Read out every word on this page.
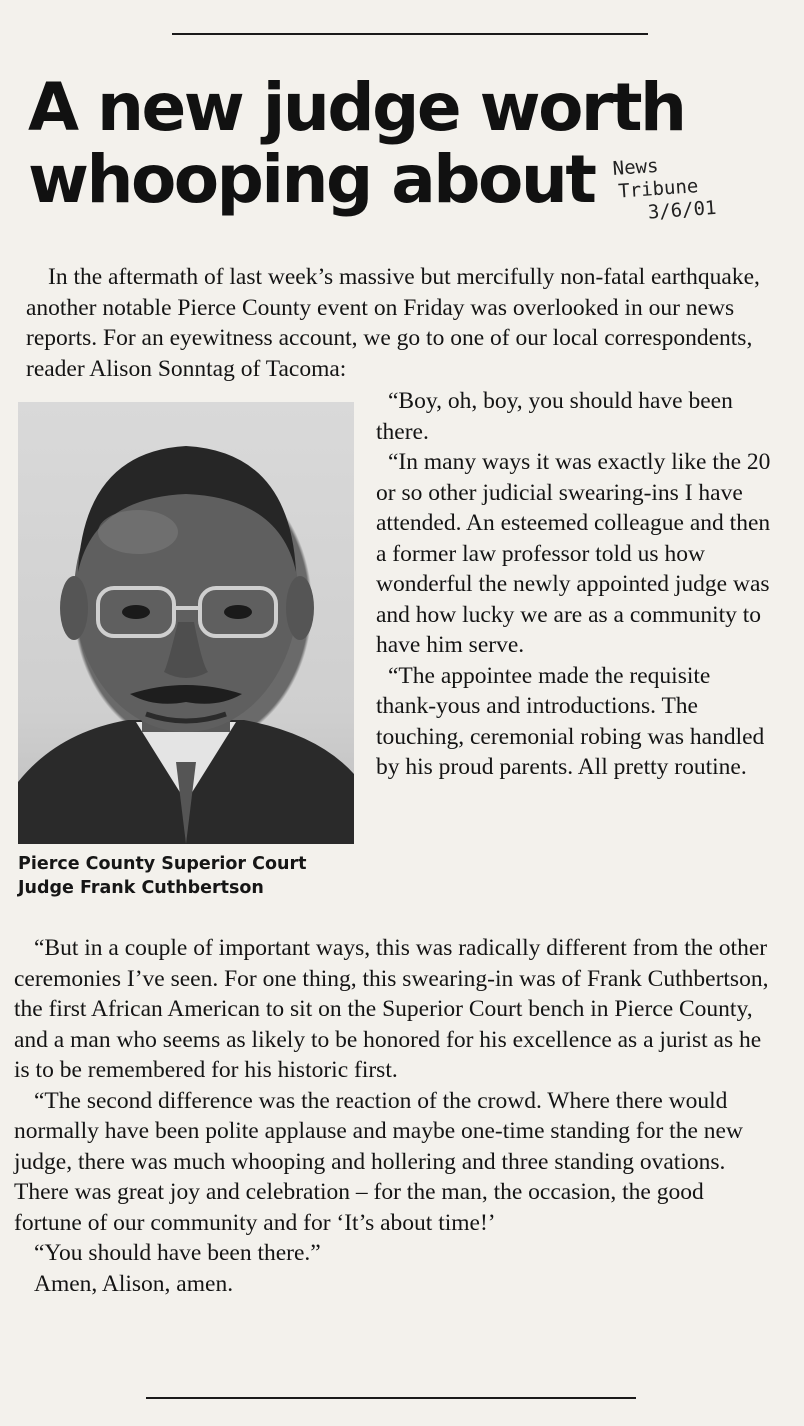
A new judge worth
whooping about News
Tribune
3/6/01

In the aftermath of last week’s massive but mercifully non-fatal earthquake, another notable Pierce County event on Friday was overlooked in our news reports. For an eyewitness account, we go to one of our local correspondents, reader Alison Sonntag of Tacoma:

Pierce County Superior Court
Judge Frank Cuthbertson

“Boy, oh, boy, you should have been there.

“In many ways it was exactly like the 20 or so other judicial swearing-ins I have attended. An esteemed colleague and then a former law professor told us how wonderful the newly appointed judge was and how lucky we are as a community to have him serve.

“The appointee made the requisite thank-yous and introductions. The touching, ceremonial robing was handled by his proud parents. All pretty routine.

“But in a couple of important ways, this was radically different from the other ceremonies I’ve seen. For one thing, this swearing-in was of Frank Cuthbertson, the first African American to sit on the Superior Court bench in Pierce County, and a man who seems as likely to be honored for his excellence as a jurist as he is to be remembered for his historic first.

“The second difference was the reaction of the crowd. Where there would normally have been polite applause and maybe one-time standing for the new judge, there was much whooping and hollering and three standing ovations. There was great joy and celebration – for the man, the occasion, the good fortune of our community and for ‘It’s about time!’

“You should have been there.”

Amen, Alison, amen.
